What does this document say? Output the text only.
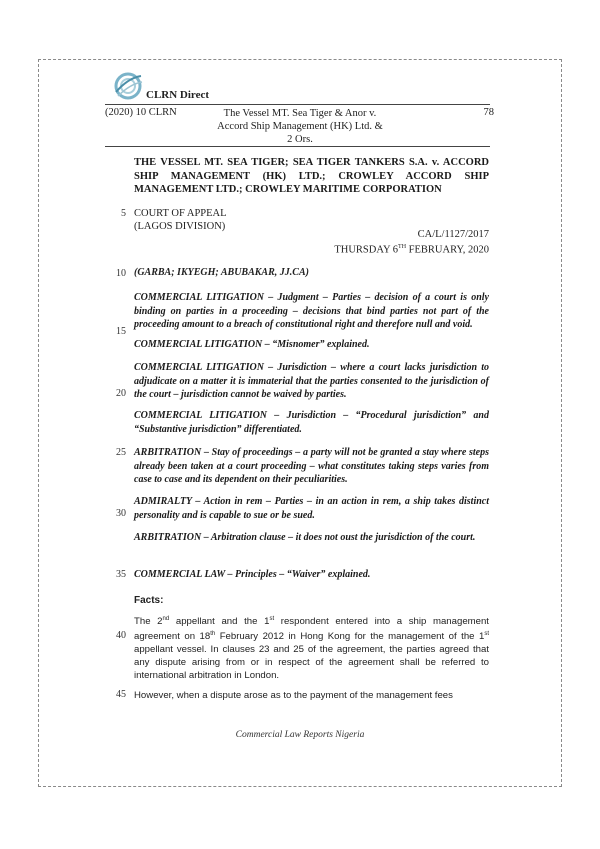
CLRN Direct
(2020) 10 CLRN	The Vessel MT. Sea Tiger & Anor v.
Accord Ship Management (HK) Ltd. & 2 Ors.
78
THE VESSEL MT. SEA TIGER; SEA TIGER TANKERS S.A. v. ACCORD SHIP MANAGEMENT (HK) LTD.; CROWLEY ACCORD SHIP MANAGEMENT LTD.; CROWLEY MARITIME CORPORATION
5 COURT OF APPEAL
(LAGOS DIVISION)
CA/L/1127/2017
THURSDAY 6TH FEBRUARY, 2020
10 (GARBA; IKYEGH; ABUBAKAR, JJ.CA)

COMMERCIAL LITIGATION – Judgment – Parties – decision of a court is only binding on parties in a proceeding – decisions that bind parties not part of the proceeding amount to a breach of constitutional right and therefore null and void.

15

COMMERCIAL LITIGATION – “Misnomer” explained.

COMMERCIAL LITIGATION – Jurisdiction – where a court lacks jurisdiction to adjudicate on a matter it is immaterial that the parties consented to the jurisdiction of the court – jurisdiction cannot be waived by parties.

20

COMMERCIAL LITIGATION – Jurisdiction – “Procedural jurisdiction” and “Substantive jurisdiction” differentiated.

25 ARBITRATION – Stay of proceedings – a party will not be granted a stay where steps already been taken at a court proceeding – what constitutes taking steps varies from case to case and its dependent on their peculiarities.

30

ADMIRALTY – Action in rem – Parties – in an action in rem, a ship takes distinct personality and is capable to sue or be sued.

ARBITRATION – Arbitration clause – it does not oust the jurisdiction of the court.

35 COMMERCIAL LAW – Principles – “Waiver” explained.

Facts:
40

The 2nd appellant and the 1st respondent entered into a ship management agreement on 18th February 2012 in Hong Kong for the management of the 1st appellant vessel. In clauses 23 and 25 of the agreement, the parties agreed that any dispute arising from or in respect of the agreement shall be referred to international arbitration in London.

45 However, when a dispute arose as to the payment of the management fees

Commercial Law Reports Nigeria
